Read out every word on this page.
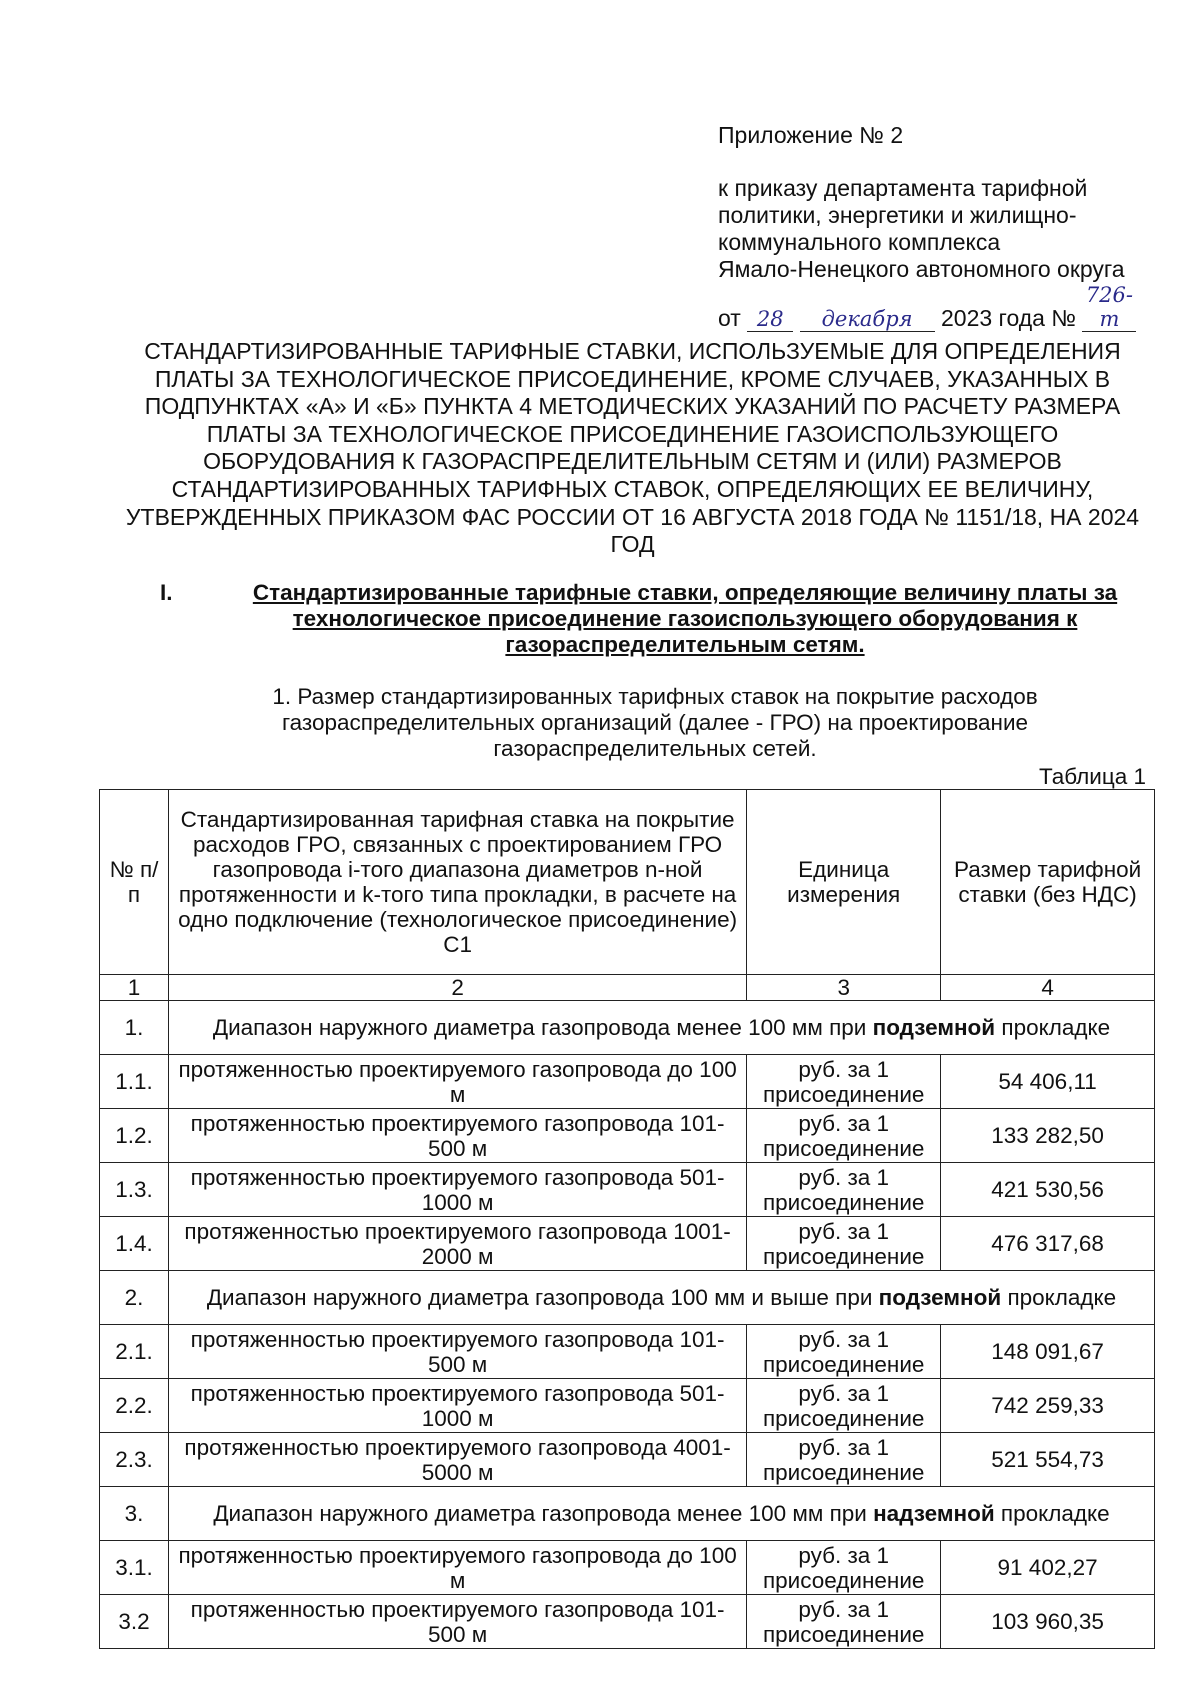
Приложение № 2
к приказу департамента тарифной
политики, энергетики и жилищно-
коммунального комплекса
Ямало-Ненецкого автономного округа
от 28 декабря 2023 года № 726-т
СТАНДАРТИЗИРОВАННЫЕ ТАРИФНЫЕ СТАВКИ, ИСПОЛЬЗУЕМЫЕ ДЛЯ ОПРЕДЕЛЕНИЯ ПЛАТЫ ЗА ТЕХНОЛОГИЧЕСКОЕ ПРИСОЕДИНЕНИЕ, КРОМЕ СЛУЧАЕВ, УКАЗАННЫХ В ПОДПУНКТАХ «А» И «Б» ПУНКТА 4 МЕТОДИЧЕСКИХ УКАЗАНИЙ ПО РАСЧЕТУ РАЗМЕРА ПЛАТЫ ЗА ТЕХНОЛОГИЧЕСКОЕ ПРИСОЕДИНЕНИЕ ГАЗОИСПОЛЬЗУЮЩЕГО ОБОРУДОВАНИЯ К ГАЗОРАСПРЕДЕЛИТЕЛЬНЫМ СЕТЯМ И (ИЛИ) РАЗМЕРОВ СТАНДАРТИЗИРОВАННЫХ ТАРИФНЫХ СТАВОК, ОПРЕДЕЛЯЮЩИХ ЕЕ ВЕЛИЧИНУ, УТВЕРЖДЕННЫХ ПРИКАЗОМ ФАС РОССИИ ОТ 16 АВГУСТА 2018 ГОДА № 1151/18, НА 2024 ГОД
I.	Стандартизированные тарифные ставки, определяющие величину платы за технологическое присоединение газоиспользующего оборудования к газораспределительным сетям.
1. Размер стандартизированных тарифных ставок на покрытие расходов газораспределительных организаций (далее - ГРО) на проектирование газораспределительных сетей.
Таблица 1
№ п/п	Стандартизированная тарифная ставка на покрытие расходов ГРО, связанных с проектированием ГРО газопровода i-того диапазона диаметров n-ной протяженности и k-того типа прокладки, в расчете на одно подключение (технологическое присоединение) С1	Единица измерения	Размер тарифной ставки (без НДС)
1	2	3	4
1.	Диапазон наружного диаметра газопровода менее 100 мм при подземной прокладке		
1.1.	протяженностью проектируемого газопровода до 100 м	руб. за 1 присоединение	54 406,11
1.2.	протяженностью проектируемого газопровода 101-500 м	руб. за 1 присоединение	133 282,50
1.3.	протяженностью проектируемого газопровода 501-1000 м	руб. за 1 присоединение	421 530,56
1.4.	протяженностью проектируемого газопровода 1001-2000 м	руб. за 1 присоединение	476 317,68
2.	Диапазон наружного диаметра газопровода 100 мм и выше при подземной прокладке		
2.1.	протяженностью проектируемого газопровода 101-500 м	руб. за 1 присоединение	148 091,67
2.2.	протяженностью проектируемого газопровода 501-1000 м	руб. за 1 присоединение	742 259,33
2.3.	протяженностью проектируемого газопровода 4001-5000 м	руб. за 1 присоединение	521 554,73
3.	Диапазон наружного диаметра газопровода менее 100 мм при надземной прокладке		
3.1.	протяженностью проектируемого газопровода до 100 м	руб. за 1 присоединение	91 402,27
3.2	протяженностью проектируемого газопровода 101-500 м	руб. за 1 присоединение	103 960,35
